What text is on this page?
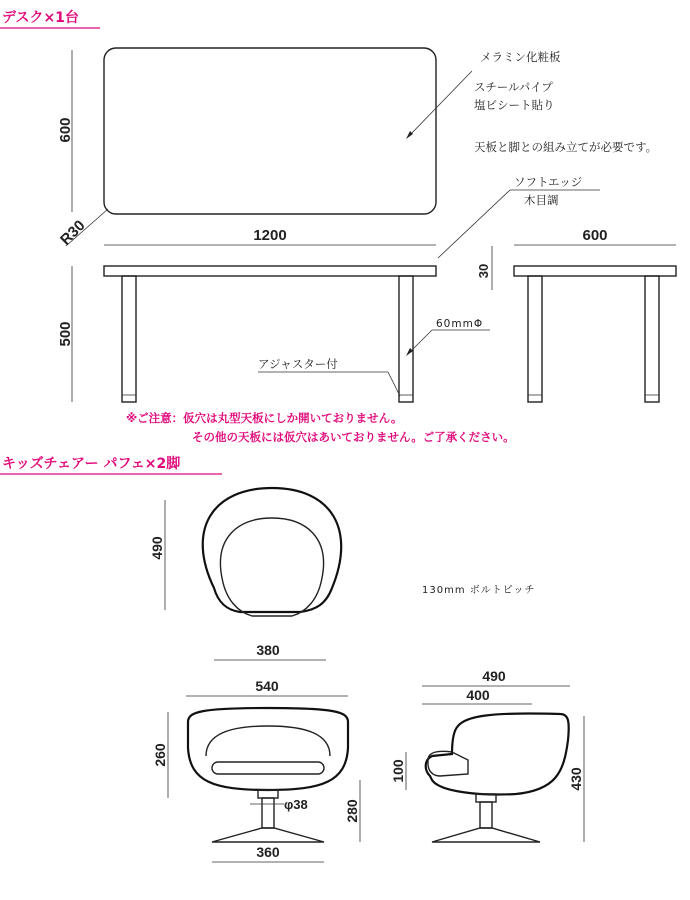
デスク×1台
キッズチェアー パフェ×2脚
600
R30	1200
メラミン化粧板
スチールパイプ
塩ビシート貼り
天板と脚との組み立てが必要です。
ソフトエッジ
木目調
500	60mmΦ
アジャスター付
600
30
※ご注意：仮穴は丸型天板にしか開いておりません。
その他の天板には仮穴はあいておりません。ご了承ください。
490
380
130mm ボルトピッチ
540
260
φ38	280
360
490
400
100	430
